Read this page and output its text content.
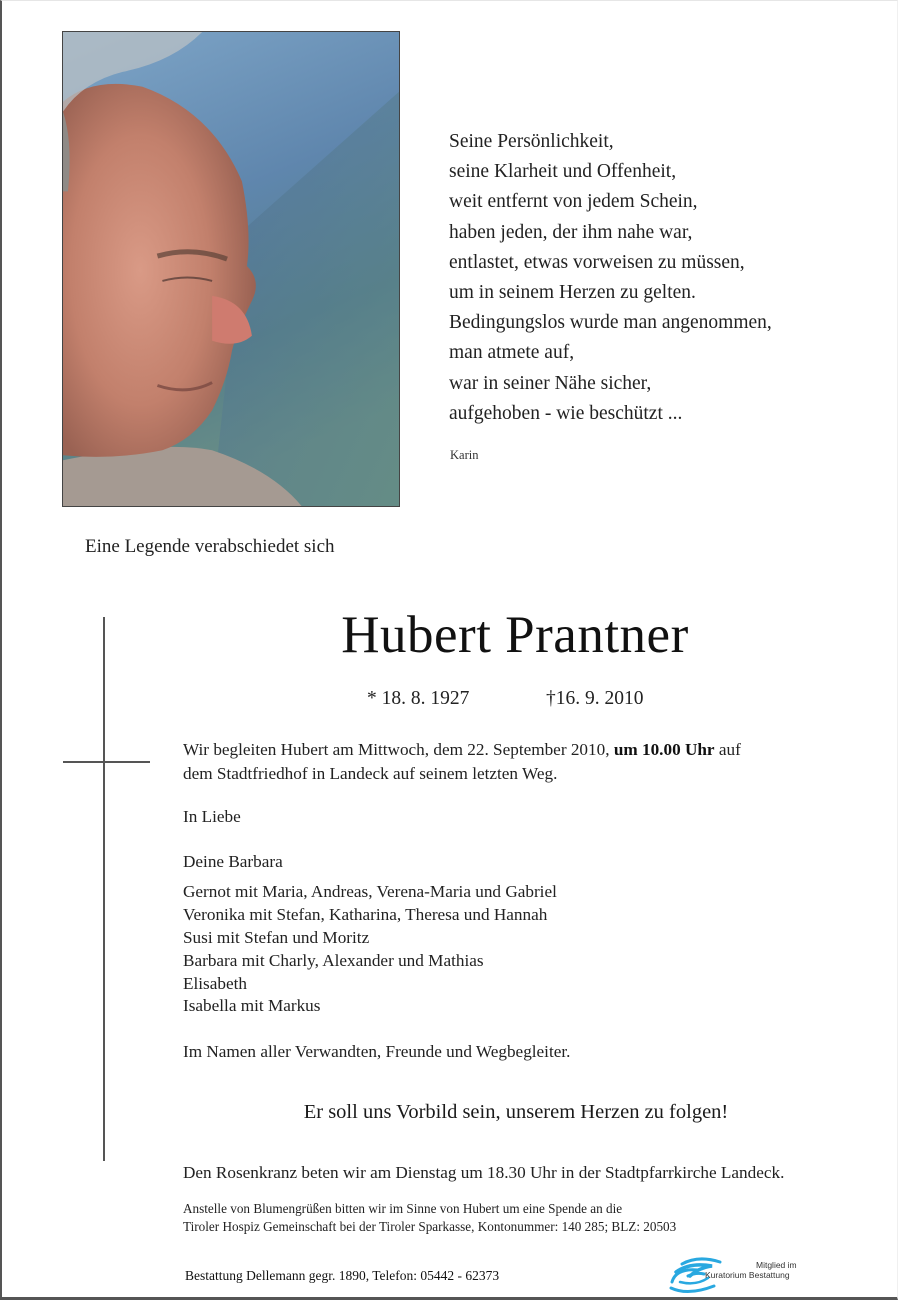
Seine Persönlichkeit,
seine Klarheit und Offenheit,
weit entfernt von jedem Schein,
haben jeden, der ihm nahe war,
entlastet, etwas vorweisen zu müssen,
um in seinem Herzen zu gelten.
Bedingungslos wurde man angenommen,
man atmete auf,
war in seiner Nähe sicher,
aufgehoben - wie beschützt ...
Karin
Eine Legende verabschiedet sich
Hubert Prantner
* 18. 8. 1927	†16. 9. 2010
Wir begleiten Hubert am Mittwoch, dem 22. September 2010, um 10.00 Uhr auf
dem Stadtfriedhof in Landeck auf seinem letzten Weg.
In Liebe
Deine Barbara
Gernot mit Maria, Andreas, Verena-Maria und Gabriel
Veronika mit Stefan, Katharina, Theresa und Hannah
Susi mit Stefan und Moritz
Barbara mit Charly, Alexander und Mathias
Elisabeth
Isabella mit Markus
Im Namen aller Verwandten, Freunde und Wegbegleiter.
Er soll uns Vorbild sein, unserem Herzen zu folgen!
Den Rosenkranz beten wir am Dienstag um 18.30 Uhr in der Stadtpfarrkirche Landeck.
Anstelle von Blumengrüßen bitten wir im Sinne von Hubert um eine Spende an die
Tiroler Hospiz Gemeinschaft bei der Tiroler Sparkasse, Kontonummer: 140 285; BLZ: 20503
Bestattung Dellemann gegr. 1890, Telefon: 05442 - 62373
Mitglied im
Kuratorium Bestattung
